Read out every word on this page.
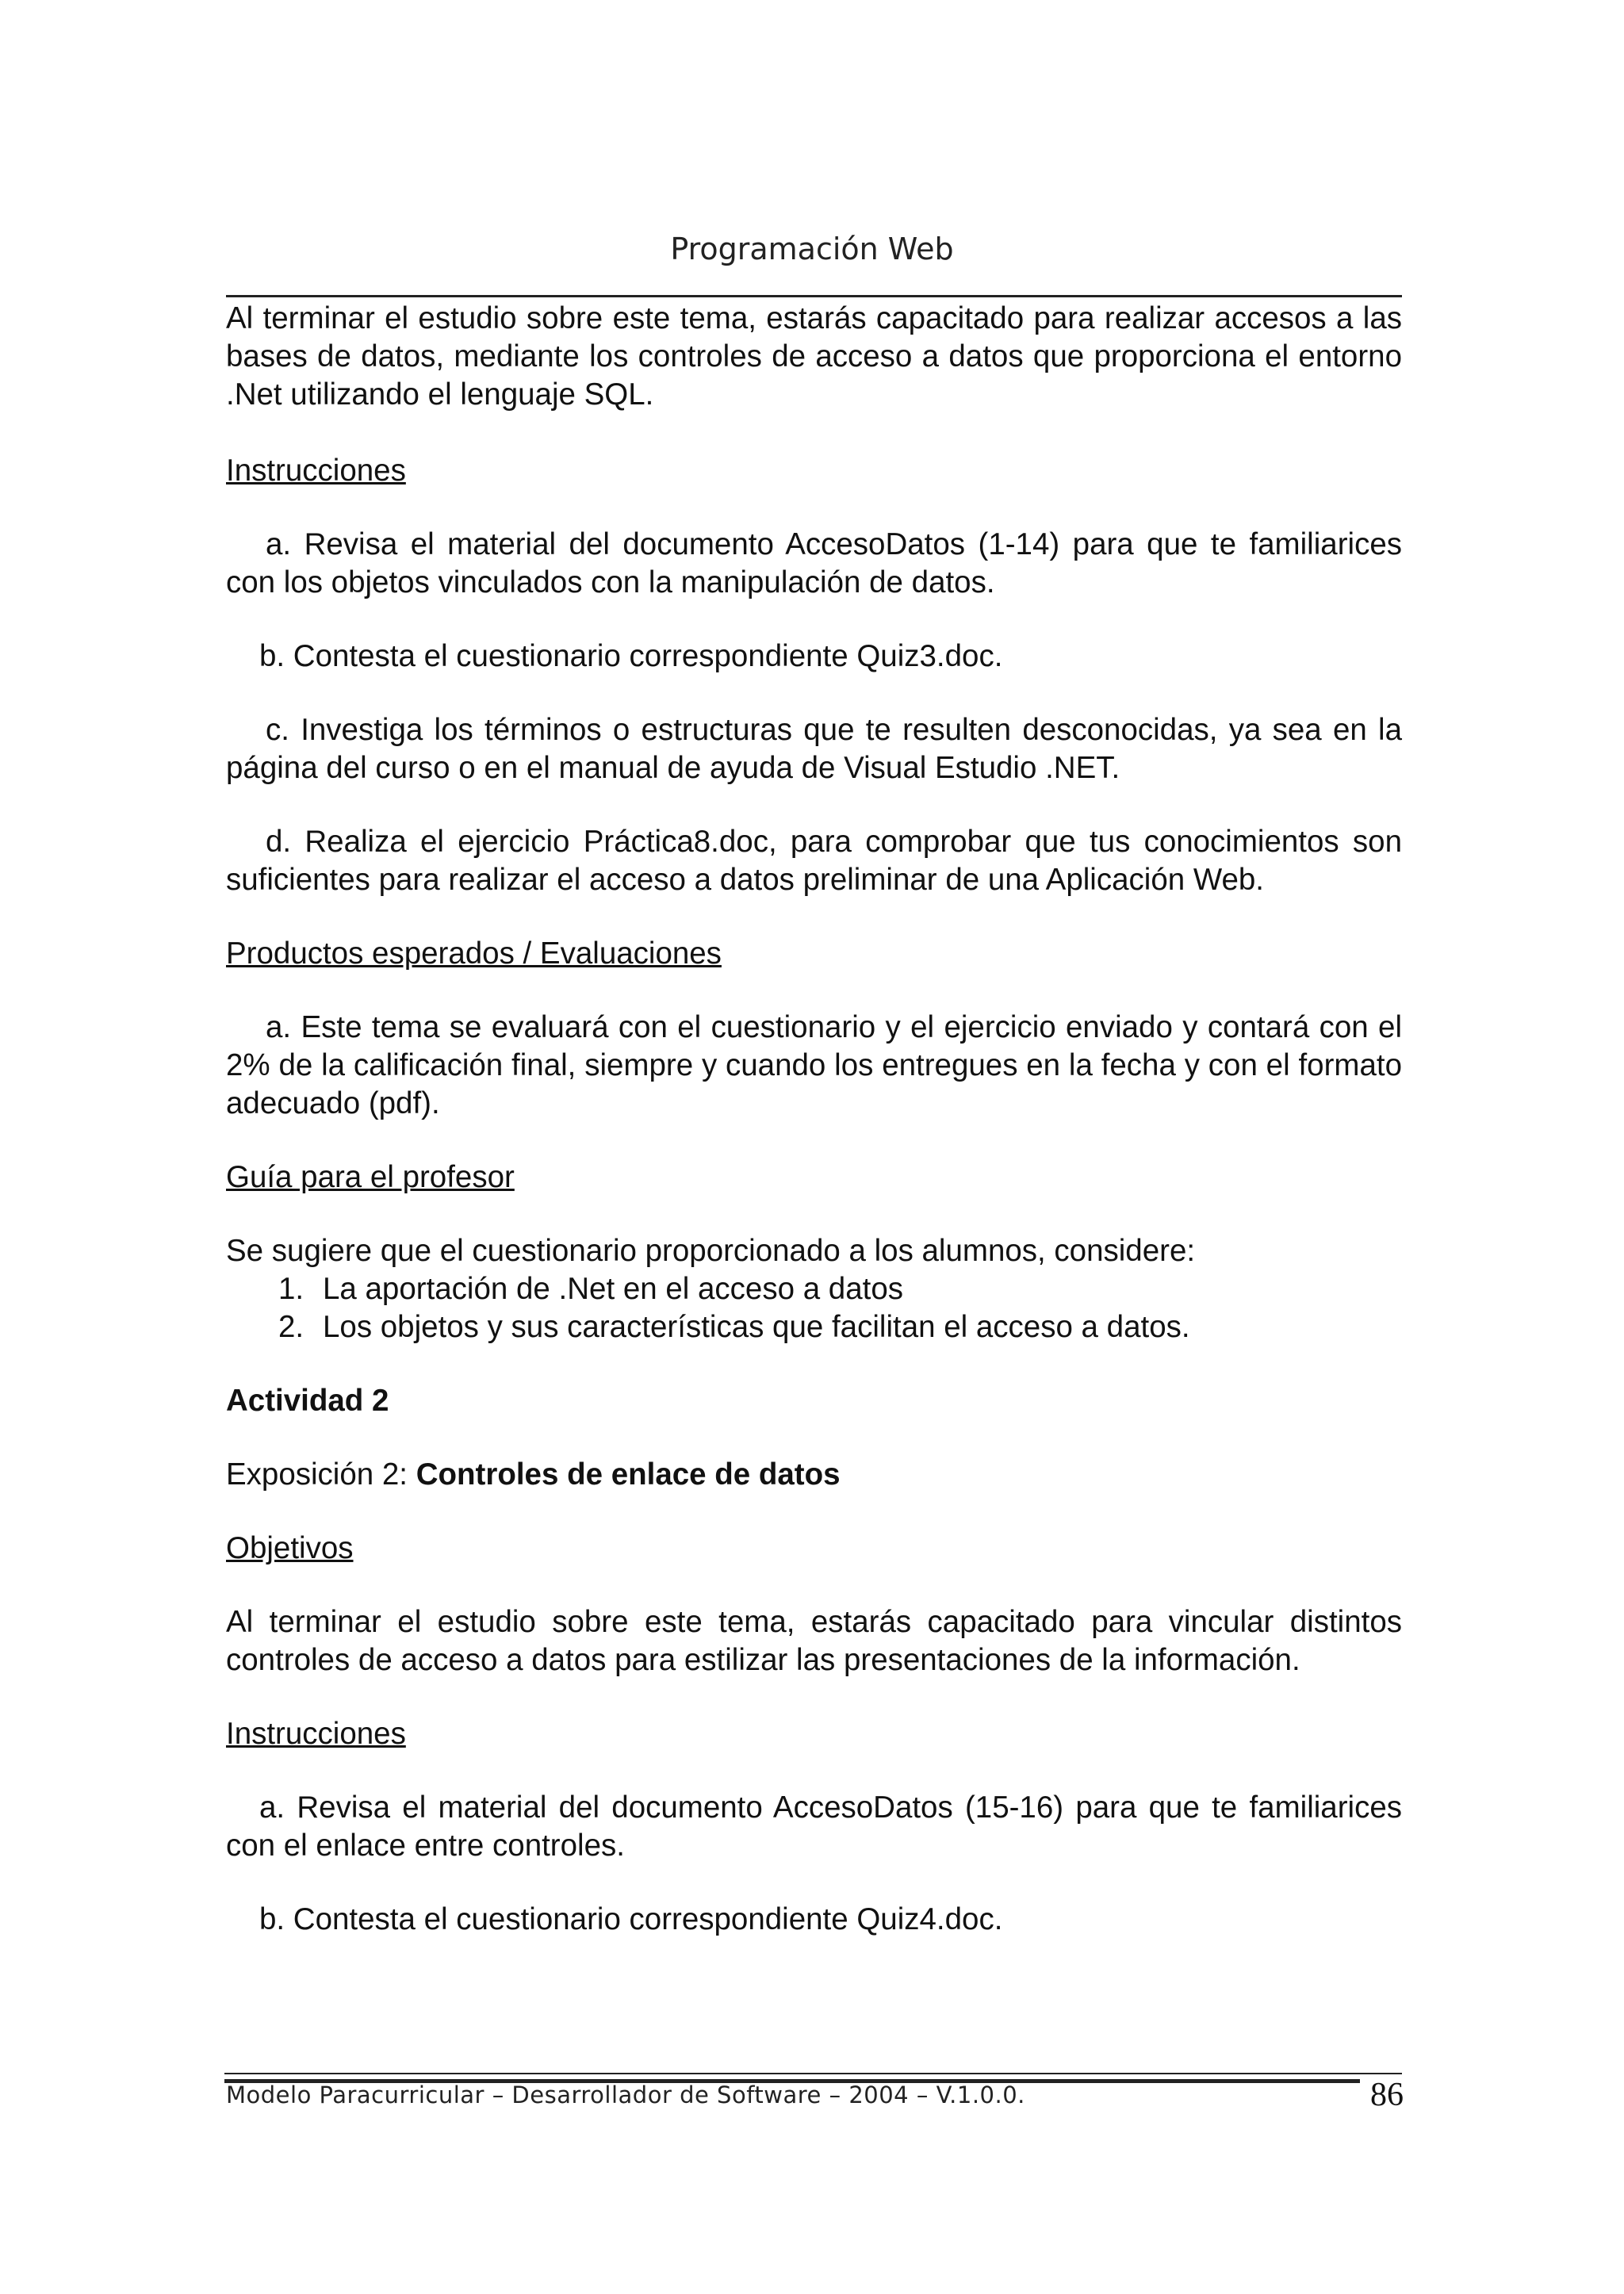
Programación Web

Al terminar el estudio sobre este tema, estarás capacitado para realizar accesos a las bases de datos, mediante los controles de acceso a datos que proporciona el entorno .Net utilizando el lenguaje SQL.

Instrucciones

a. Revisa el material del documento AccesoDatos (1-14) para que te familiarices con los objetos vinculados con la manipulación de datos.

b. Contesta el cuestionario correspondiente Quiz3.doc.

c. Investiga los términos o estructuras que te resulten desconocidas, ya sea en la página del curso o en el manual de ayuda de Visual Estudio .NET.

d. Realiza el ejercicio Práctica8.doc, para comprobar que tus conocimientos son suficientes para realizar el acceso a datos preliminar de una Aplicación Web.

Productos esperados / Evaluaciones

a. Este tema se evaluará con el cuestionario y el ejercicio enviado y contará con el 2% de la calificación final, siempre y cuando los entregues en la fecha y con el formato adecuado (pdf).

Guía para el profesor

Se sugiere que el cuestionario proporcionado a los alumnos, considere:

1. La aportación de .Net en el acceso a datos
2. Los objetos y sus características que facilitan el acceso a datos.

Actividad 2

Exposición 2: Controles de enlace de datos

Objetivos

Al terminar el estudio sobre este tema, estarás capacitado para vincular distintos controles de acceso a datos para estilizar las presentaciones de la información.

Instrucciones

a. Revisa el material del documento AccesoDatos (15-16) para que te familiarices con el enlace entre controles.

b. Contesta el cuestionario correspondiente Quiz4.doc.

Modelo Paracurricular – Desarrollador de Software – 2004 – V.1.0.0.	86
